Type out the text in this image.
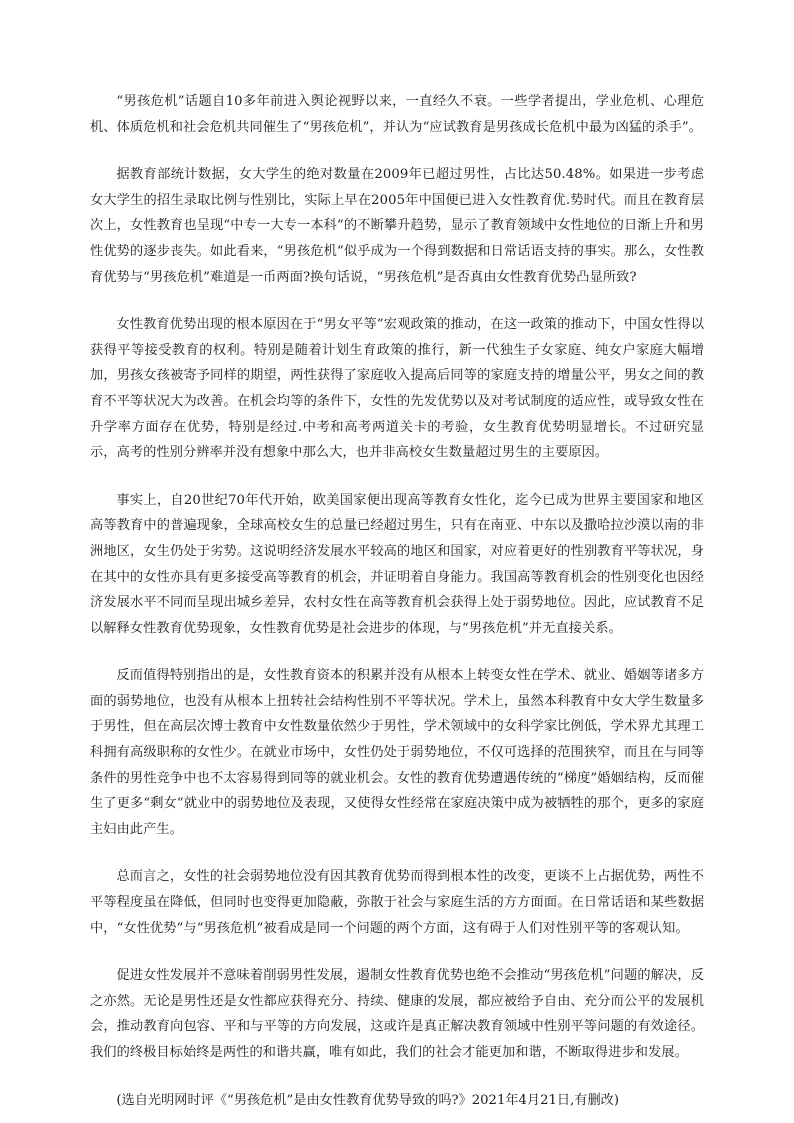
“男孩危机”话题自10多年前进入舆论视野以来，一直经久不衰。一些学者提出，学业危机、心理危机、体质危机和社会危机共同催生了“男孩危机”，并认为“应试教育是男孩成长危机中最为凶猛的杀手”。

据教育部统计数据，女大学生的绝对数量在2009年已超过男性，占比达50.48%。如果进一步考虑女大学生的招生录取比例与性别比，实际上早在2005年中国便已进入女性教育优.势时代。而且在教育层次上，女性教育也呈现“中专一大专一本科”的不断攀升趋势，显示了教育领域中女性地位的日渐上升和男性优势的逐步丧失。如此看来，“男孩危机”似乎成为一个得到数据和日常话语支持的事实。那么，女性教育优势与“男孩危机”难道是一币两面?换句话说，“男孩危机”是否真由女性教育优势凸显所致?

女性教育优势出现的根本原因在于“男女平等”宏观政策的推动，在这一政策的推动下，中国女性得以获得平等接受教育的权利。特别是随着计划生育政策的推行，新一代独生子女家庭、纯女户家庭大幅增加，男孩女孩被寄予同样的期望，两性获得了家庭收入提高后同等的家庭支持的增量公平，男女之间的教育不平等状况大为改善。在机会均等的条件下，女性的先发优势以及对考试制度的适应性，或导致女性在升学率方面存在优势，特别是经过.中考和高考两道关卡的考验，女生教育优势明显增长。不过研究显示，高考的性别分辨率并没有想象中那么大，也并非高校女生数量超过男生的主要原因。

事实上，自20世纪70年代开始，欧美国家便出现高等教育女性化，迄今已成为世界主要国家和地区高等教育中的普遍现象，全球高校女生的总量已经超过男生，只有在南亚、中东以及撒哈拉沙漠以南的非洲地区，女生仍处于劣势。这说明经济发展水平较高的地区和国家，对应着更好的性别教育平等状况，身在其中的女性亦具有更多接受高等教育的机会，并证明着自身能力。我国高等教育机会的性别变化也因经济发展水平不同而呈现出城乡差异，农村女性在高等教育机会获得上处于弱势地位。因此，应试教育不足以解释女性教育优势现象，女性教育优势是社会进步的体现，与“男孩危机”并无直接关系。

反而值得特别指出的是，女性教育资本的积累并没有从根本上转变女性在学术、就业、婚姻等诸多方面的弱势地位，也没有从根本上扭转社会结构性别不平等状况。学术上，虽然本科教育中女大学生数量多于男性，但在高层次博士教育中女性数量依然少于男性，学术领域中的女科学家比例低，学术界尤其理工科拥有高级职称的女性少。在就业市场中，女性仍处于弱势地位，不仅可选择的范围狭窄，而且在与同等条件的男性竞争中也不太容易得到同等的就业机会。女性的教育优势遭遇传统的“梯度”婚姻结构，反而催生了更多“剩女”就业中的弱势地位及表现，又使得女性经常在家庭决策中成为被牺牲的那个，更多的家庭主妇由此产生。

总而言之，女性的社会弱势地位没有因其教育优势而得到根本性的改变，更谈不上占据优势，两性不平等程度虽在降低，但同时也变得更加隐蔽，弥散于社会与家庭生活的方方面面。在日常话语和某些数据中，“女性优势”与“男孩危机”被看成是同一个问题的两个方面，这有碍于人们对性别平等的客观认知。

促进女性发展并不意味着削弱男性发展，遏制女性教育优势也绝不会推动“男孩危机”问题的解决，反之亦然。无论是男性还是女性都应获得充分、持续、健康的发展，都应被给予自由、充分而公平的发展机会，推动教育向包容、平和与平等的方向发展，这或许是真正解决教育领域中性别平等问题的有效途径。我们的终极目标始终是两性的和谐共赢，唯有如此，我们的社会才能更加和谐，不断取得进步和发展。

(选自光明网时评《“男孩危机”是由女性教育优势导致的吗?》2021年4月21日,有删改)
